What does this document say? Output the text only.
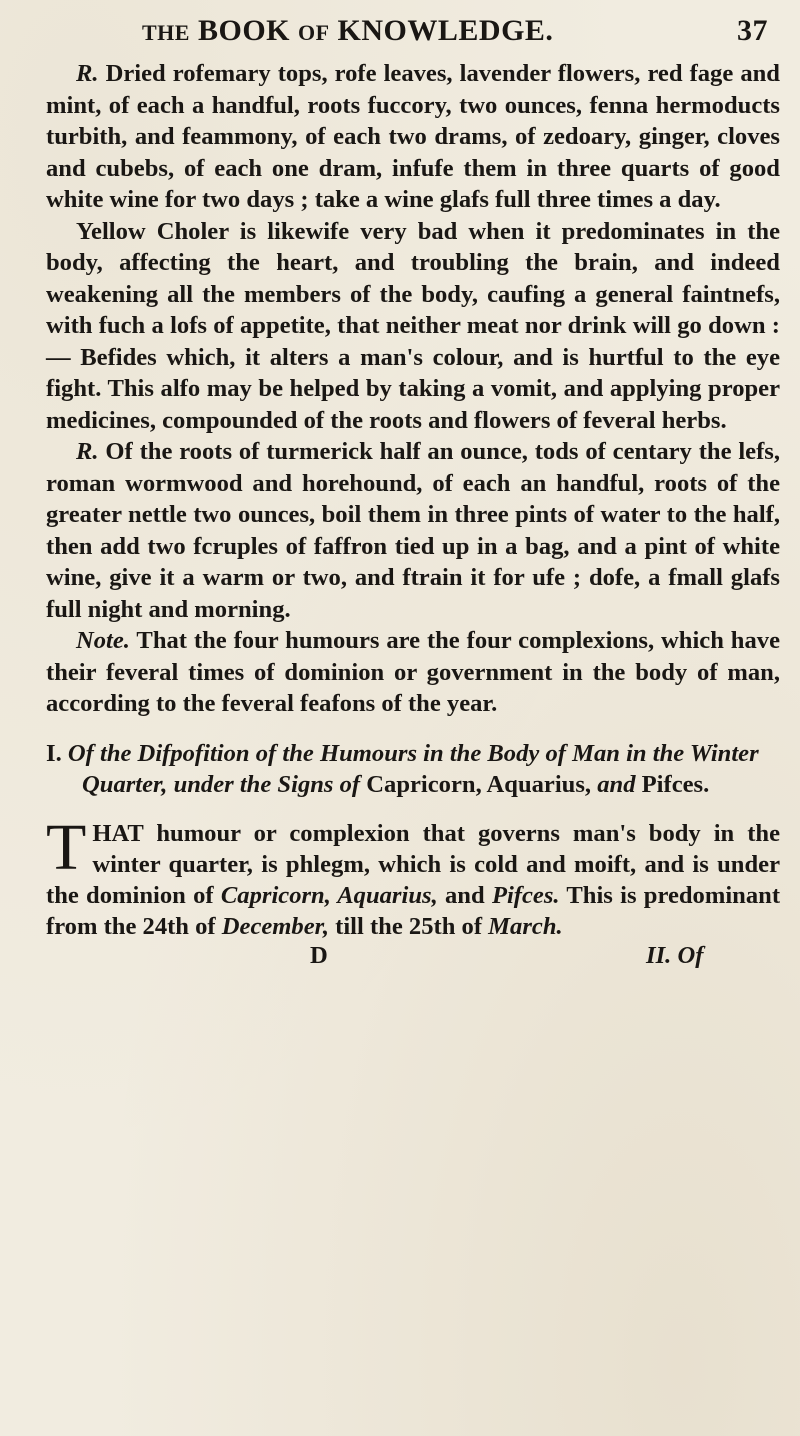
THE BOOK OF KNOWLEDGE.	37

R. Dried rofemary tops, rofe leaves, lavender flowers, red fage and mint, of each a handful, roots fuccory, two ounces, fenna hermoducts turbith, and feammony, of each two drams, of zedoary, ginger, cloves and cubebs, of each one dram, infufe them in three quarts of good white wine for two days ; take a wine glafs full three times a day.

Yellow Choler is likewife very bad when it predominates in the body, affecting the heart, and troubling the brain, and indeed weakening all the members of the body, caufing a general faintnefs, with fuch a lofs of appetite, that neither meat nor drink will go down :— Befides which, it alters a man's colour, and is hurtful to the eye fight. This alfo may be helped by taking a vomit, and applying proper medicines, compounded of the roots and flowers of feveral herbs.

R. Of the roots of turmerick half an ounce, tods of centary the lefs, roman wormwood and horehound, of each an handful, roots of the greater nettle two ounces, boil them in three pints of water to the half, then add two fcruples of faffron tied up in a bag, and a pint of white wine, give it a warm or two, and ftrain it for ufe ; dofe, a fmall glafs full night and morning.

Note. That the four humours are the four complexions, which have their feveral times of dominion or government in the body of man, according to the feveral feafons of the year.

I. Of the Difpofition of the Humours in the Body of Man in the Winter Quarter, under the Signs of Capricorn, Aquarius, and Pifces.
THAT humour or complexion that governs man's body in the winter quarter, is phlegm, which is cold and moift, and is under the dominion of Capricorn, Aquarius, and Pifces. This is predominant from the 24th of December, till the 25th of March.
D	II. Of
